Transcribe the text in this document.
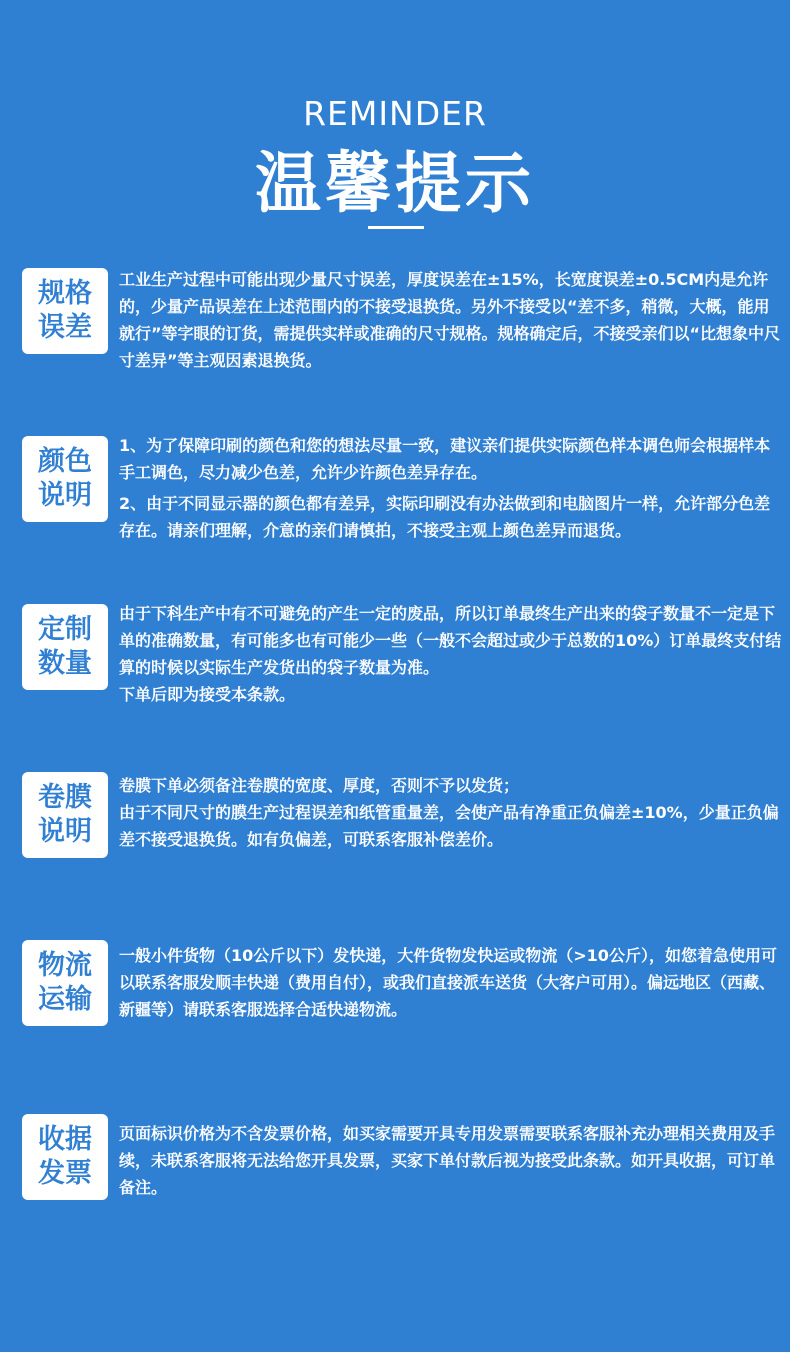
REMINDER
温馨提示
规格误差

工业生产过程中可能出现少量尺寸误差，厚度误差在±15%，长宽度误差±0.5CM内是允许的，少量产品误差在上述范围内的不接受退换货。另外不接受以“差不多，稍微，大概，能用就行”等字眼的订货，需提供实样或准确的尺寸规格。规格确定后，不接受亲们以“比想象中尺寸差异”等主观因素退换货。

颜色说明

1、为了保障印刷的颜色和您的想法尽量一致，建议亲们提供实际颜色样本调色师会根据样本手工调色，尽力减少色差，允许少许颜色差异存在。

2、由于不同显示器的颜色都有差异，实际印刷没有办法做到和电脑图片一样，允许部分色差存在。请亲们理解，介意的亲们请慎拍，不接受主观上颜色差异而退货。

定制数量

由于下科生产中有不可避免的产生一定的废品，所以订单最终生产出来的袋子数量不一定是下单的准确数量，有可能多也有可能少一些（一般不会超过或少于总数的10%）订单最终支付结算的时候以实际生产发货出的袋子数量为准。

下单后即为接受本条款。

卷膜说明

卷膜下单必须备注卷膜的宽度、厚度，否则不予以发货；

由于不同尺寸的膜生产过程误差和纸管重量差，会使产品有净重正负偏差±10%，少量正负偏差不接受退换货。如有负偏差，可联系客服补偿差价。

物流运输

一般小件货物（10公斤以下）发快递，大件货物发快运或物流（>10公斤），如您着急使用可以联系客服发顺丰快递（费用自付），或我们直接派车送货（大客户可用）。偏远地区（西藏、新疆等）请联系客服选择合适快递物流。

收据发票

页面标识价格为不含发票价格，如买家需要开具专用发票需要联系客服补充办理相关费用及手续，未联系客服将无法给您开具发票，买家下单付款后视为接受此条款。如开具收据，可订单备注。
